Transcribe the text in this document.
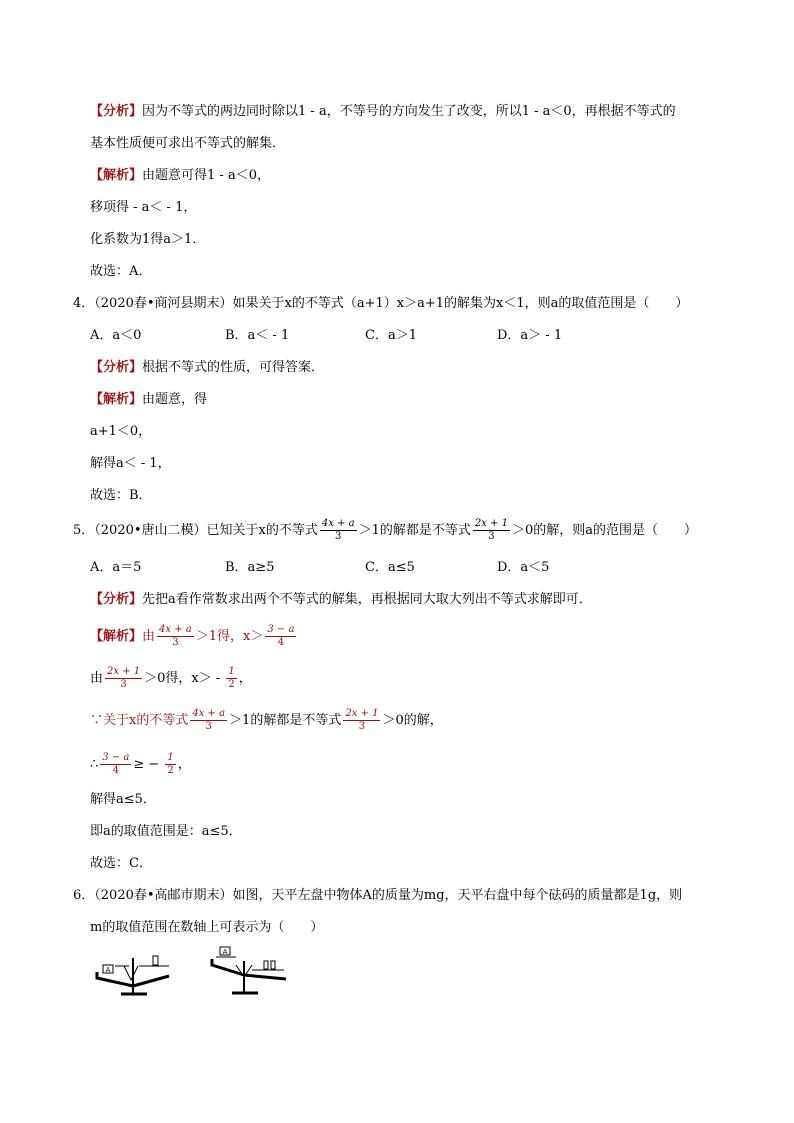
【分析】因为不等式的两边同时除以1 - a，不等号的方向发生了改变，所以1 - a＜0，再根据不等式的
基本性质便可求出不等式的解集．
【解析】由题意可得1 - a＜0，
移项得 - a＜ - 1，
化系数为1得a＞1．
故选：A．
4．（2020春•商河县期末）如果关于x的不等式（a+1）x＞a+1的解集为x＜1，则a的取值范围是（　　）
A．a＜0	B．a＜ - 1	C．a＞1	D．a＞ - 1
【分析】根据不等式的性质，可得答案．
【解析】由题意，得
a+1＜0，
解得a＜ - 1，
故选：B．
5．（2020•唐山二模）已知关于x的不等式 $\frac{4x + a}{3} >1$的解都是不等式 $\frac{2x + 1}{3} >0$的解，则a的范围是（　　）
A．a＝5	B．a≥5	C．a≤5	D．a＜5
【分析】先把a看作常数求出两个不等式的解集，再根据同大取大列出不等式求解即可．
【解析】由 $\frac{4x + a}{3} >1$得，$x> \frac{3 - a}{4}$
由 $\frac{2x + 1}{3} >0$得，$x> - \frac{1}{2}$ ，
∵关于x的不等式 $\frac{4x + a}{3} >1$的解都是不等式 $\frac{2x + 1}{3} >0$的解，
∴ $\frac{3 - a}{4}$ ≥ − $\frac{1}{2}$ ，
解得a≤5．
即a的取值范围是：a≤5．
故选：C．
6．（2020春•高邮市期末）如图，天平左盘中物体A的质量为mg，天平右盘中每个砝码的质量都是1g，则
m的取值范围在数轴上可表示为（　　）
A
A
